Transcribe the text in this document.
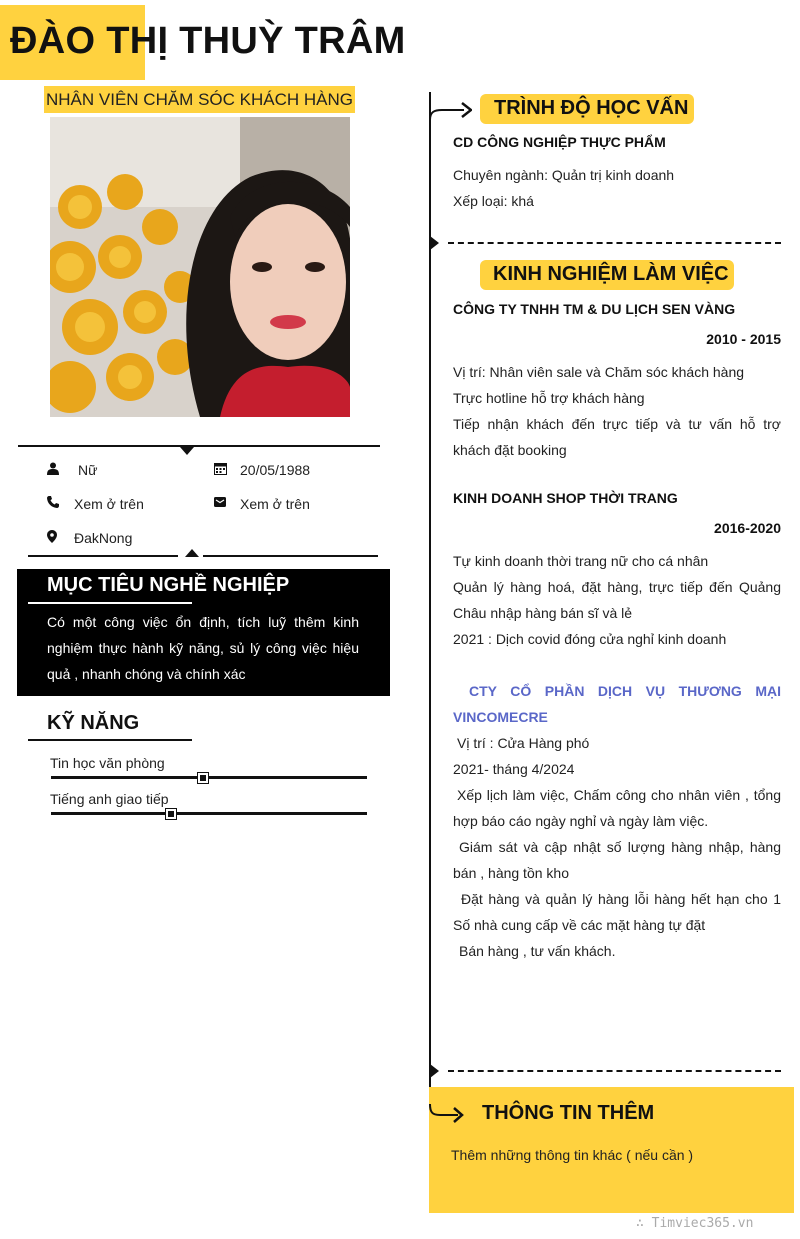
ĐÀO THỊ THUỲ TRÂM
NHÂN VIÊN CHĂM SÓC KHÁCH HÀNG
Nữ	20/05/1988
Xem ở trên	Xem ở trên
ĐakNong
MỤC TIÊU NGHỀ NGHIỆP
Có một công việc ổn định, tích luỹ thêm kinh nghiệm thực hành kỹ năng, sủ lý công việc hiệu quả , nhanh chóng và chính xác
KỸ NĂNG
Tin học văn phòng
Tiếng anh giao tiếp
TRÌNH ĐỘ HỌC VẤN
CD CÔNG NGHIỆP THỰC PHẨM
Chuyên ngành: Quản trị kinh doanh
Xếp loại: khá
KINH NGHIỆM LÀM VIỆC
CÔNG TY TNHH TM & DU LỊCH SEN VÀNG
2010 - 2015
Vị trí: Nhân viên sale và Chăm sóc khách hàng
Trực hotline hỗ trợ khách hàng
Tiếp nhận khách đến trực tiếp và tư vấn hỗ trợ khách đặt booking
KINH DOANH SHOP THỜI TRANG
2016-2020
Tự kinh doanh thời trang nữ cho cá nhân
Quản lý hàng hoá, đặt hàng, trực tiếp đến Quảng Châu nhập hàng bán sĩ và lẻ
2021 : Dịch covid đóng cửa nghỉ kinh doanh
CTY CỔ PHẦN DỊCH VỤ THƯƠNG MẠI VINCOMECRE
Vị trí : Cửa Hàng phó
2021- tháng 4/2024
Xếp lịch làm việc, Chấm công cho nhân viên , tổng hợp báo cáo ngày nghỉ và ngày làm việc.
Giám sát và cập nhật số lượng hàng nhập, hàng bán , hàng tồn kho
Đặt hàng và quản lý hàng lỗi hàng hết hạn cho 1 Số nhà cung cấp về các mặt hàng tự đặt
Bán hàng , tư vấn khách.
THÔNG TIN THÊM
Thêm những thông tin khác ( nếu cần )
∴ Timviec365.vn
